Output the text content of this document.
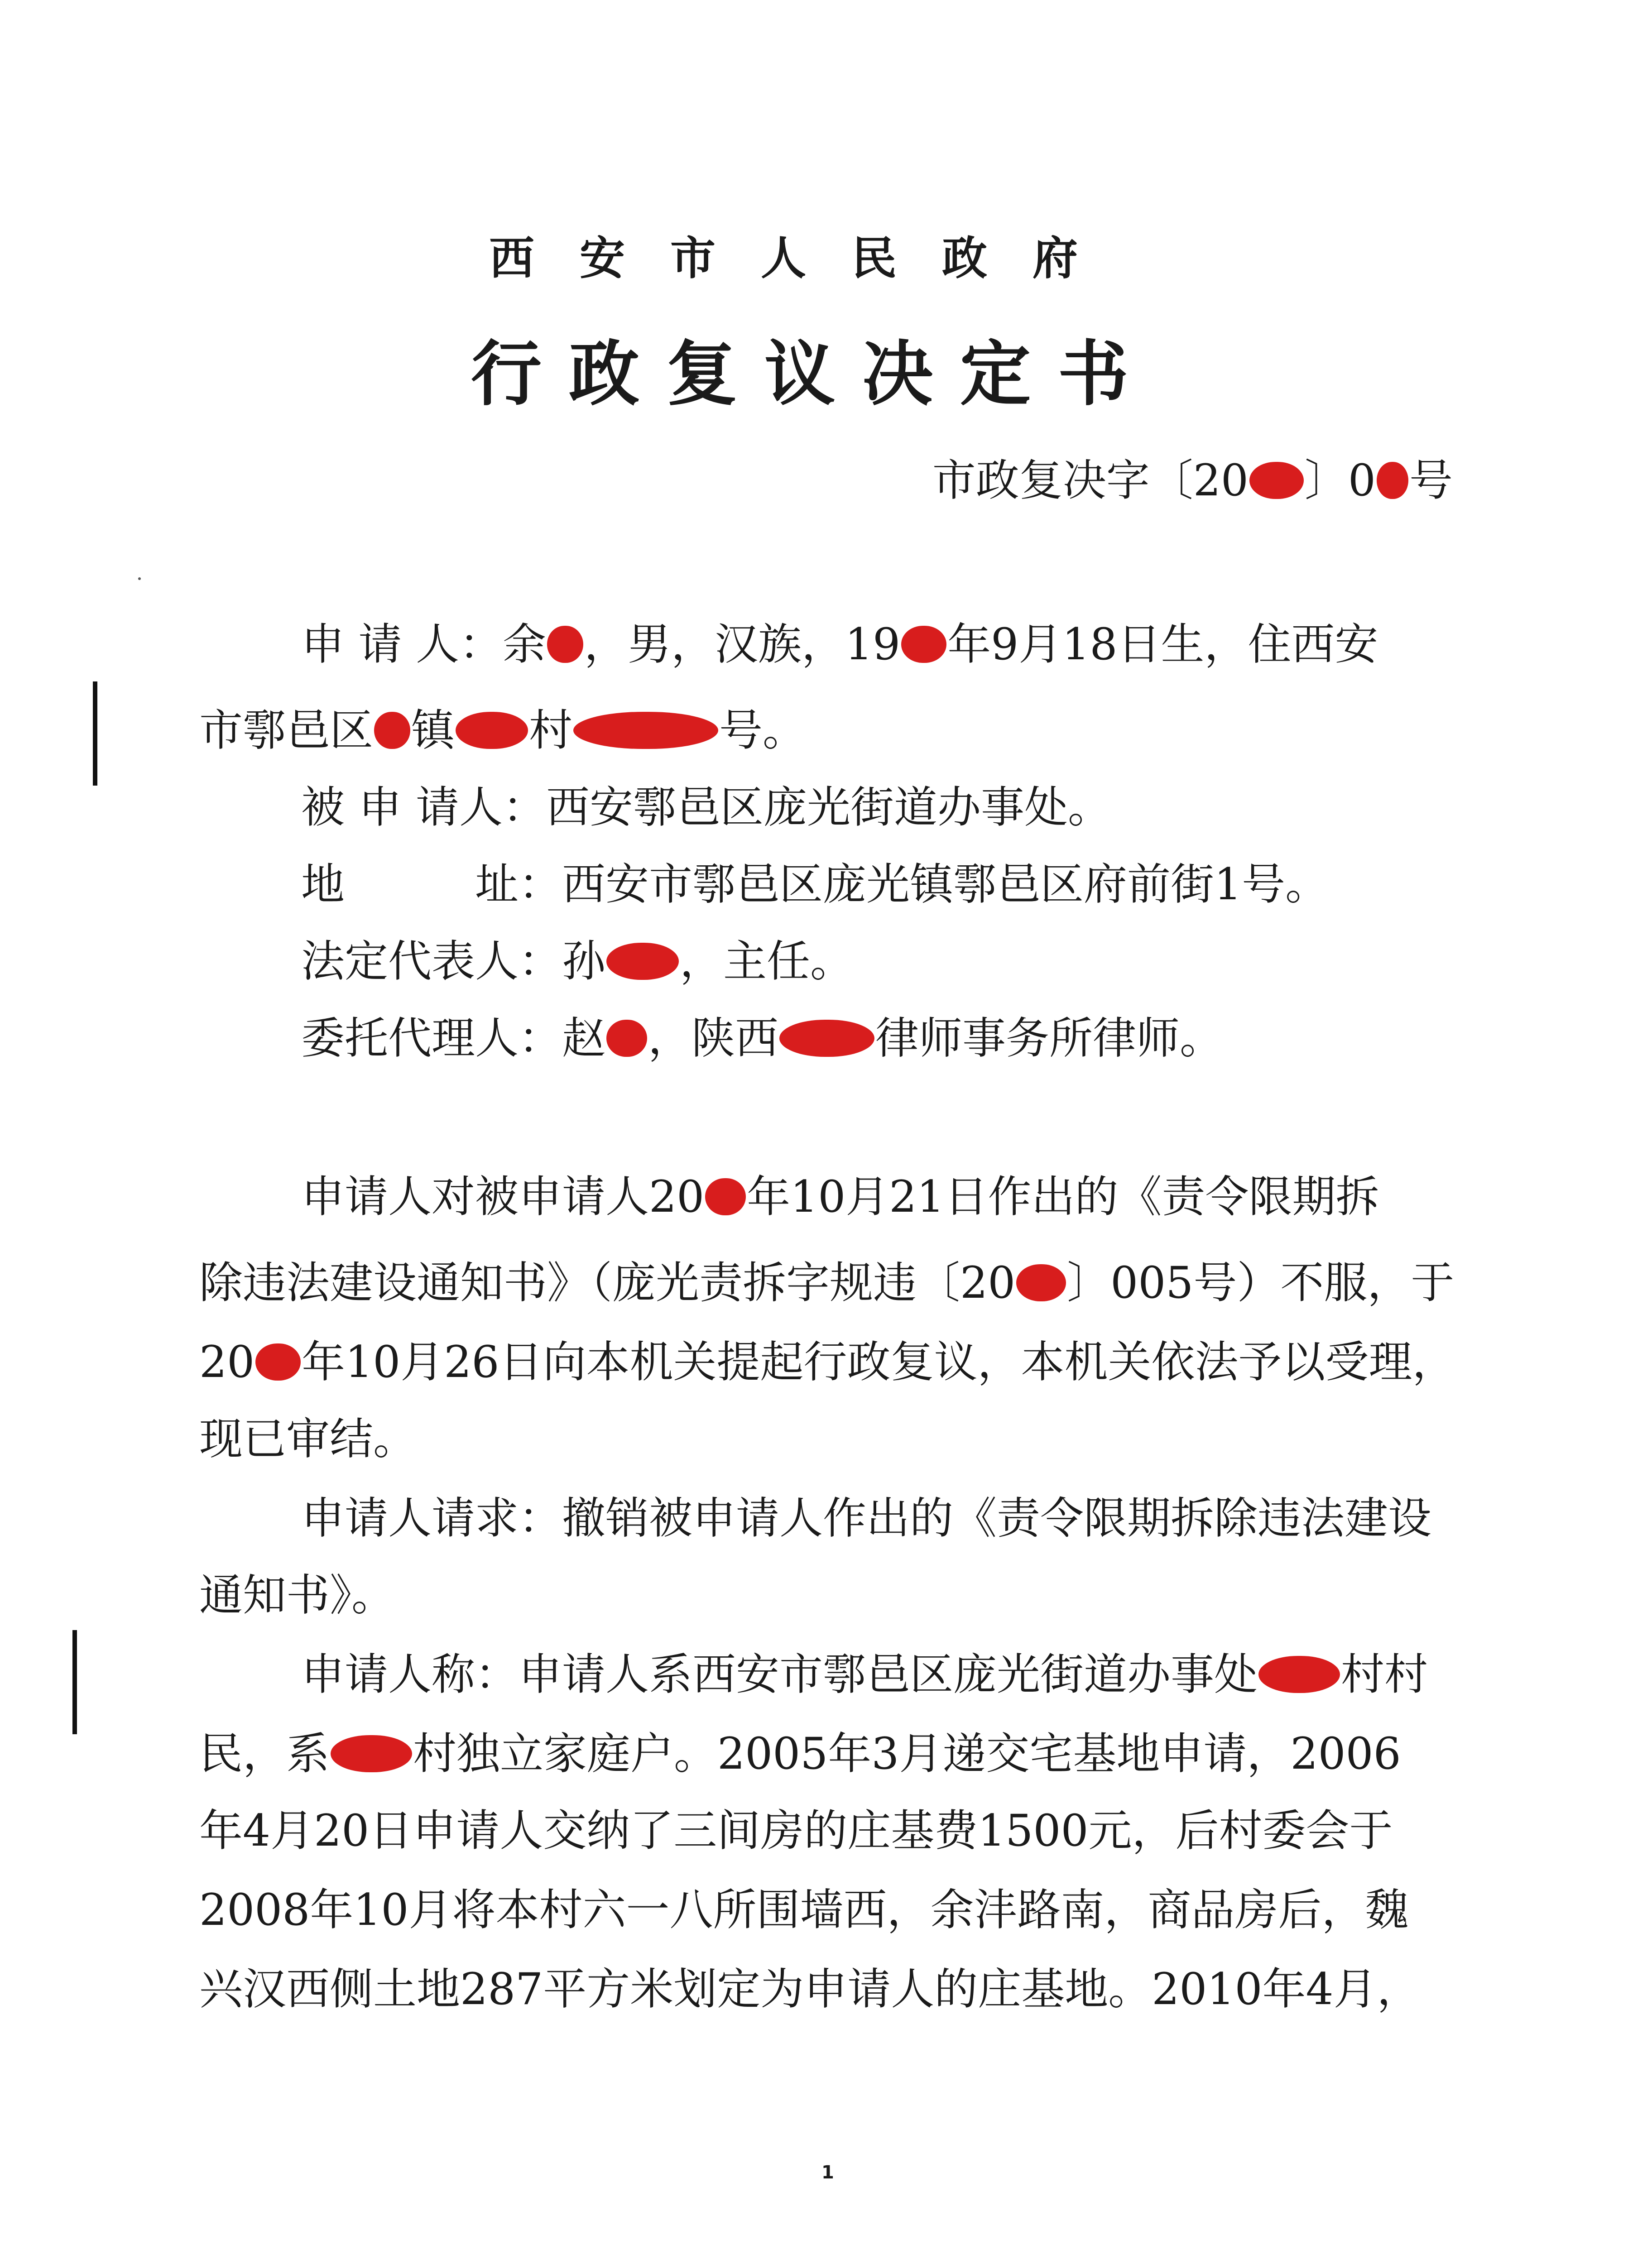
西安市人民政府
行政复议决定书
市政复决字〔20 〕0 号
申 请 人：余 ，男，汉族，19 年9月18日生，住西安
市鄠邑区 镇 村	号。
被 申 请人：西安鄠邑区庞光街道办事处。
地　　　址：西安市鄠邑区庞光镇鄠邑区府前街1号。
法定代表人：孙 ，主任。
委托代理人：赵 ，陕西 律师事务所律师。
申请人对被申请人20 年10月21日作出的《责令限期拆
除违法建设通知书》（庞光责拆字规违〔20 〕005号）不服，于
20 年10月26日向本机关提起行政复议，本机关依法予以受理，
现已审结。
申请人请求：撤销被申请人作出的《责令限期拆除违法建设
通知书》。
申请人称：申请人系西安市鄠邑区庞光街道办事处 村村
民，系 村独立家庭户。2005年3月递交宅基地申请，2006
年4月20日申请人交纳了三间房的庄基费1500元，后村委会于
2008年10月将本村六一八所围墙西，余沣路南，商品房后，魏
兴汉西侧土地287平方米划定为申请人的庄基地。2010年4月，
1
